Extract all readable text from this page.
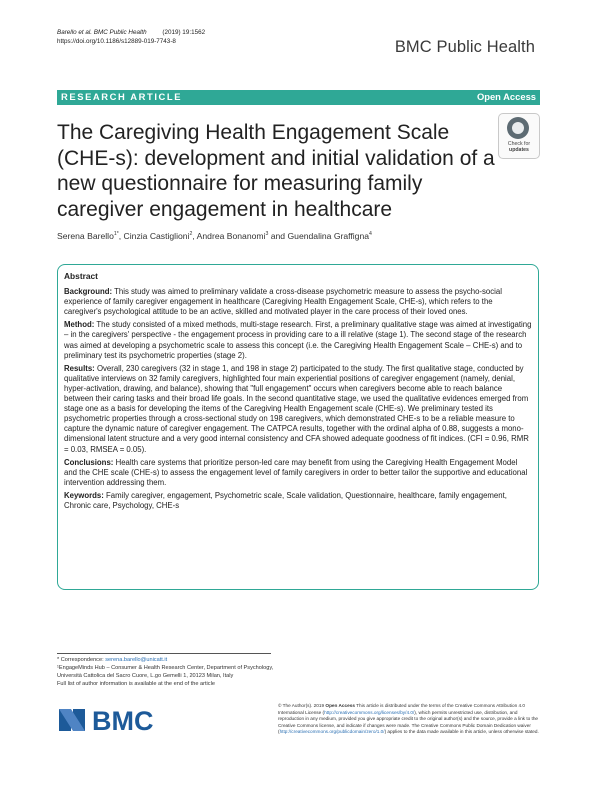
Barello et al. BMC Public Health	(2019) 19:1562
https://doi.org/10.1186/s12889-019-7743-8	BMC Public Health
RESEARCH ARTICLE	Open Access
The Caregiving Health Engagement Scale (CHE-s): development and initial validation of a new questionnaire for measuring family caregiver engagement in healthcare
Check for
updates
Serena Barello$^{1*}$, Cinzia Castiglioni$^2$, Andrea Bonanomi$^3$ and Guendalina Graffigna$^4$
Abstract

Background: This study was aimed to preliminary validate a cross-disease psychometric measure to assess the psycho-social experience of family caregiver engagement in healthcare (Caregiving Health Engagement Scale, CHE-s), which refers to the caregiver's psychological attitude to be an active, skilled and motivated player in the care process of their loved ones.

Method: The study consisted of a mixed methods, multi-stage research. First, a preliminary qualitative stage was aimed at investigating – in the caregivers' perspective - the engagement process in providing care to a ill relative (stage 1). The second stage of the research was aimed at developing a psychometric scale to assess this concept (i.e. the Caregiving Health Engagement Scale – CHE-s) and to preliminary test its psychometric properties (stage 2).

Results: Overall, 230 caregivers (32 in stage 1, and 198 in stage 2) participated to the study. The first qualitative stage, conducted by qualitative interviews on 32 family caregivers, highlighted four main experiential positions of caregiver engagement (namely, denial, hyper-activation, drawing, and balance), showing that "full engagement" occurs when caregivers become able to reach balance between their caring tasks and their broad life goals. In the second quantitative stage, we used the qualitative evidences emerged from stage one as a basis for developing the items of the Caregiving Health Engagement scale (CHE-s). We preliminary tested its psychometric properties through a cross-sectional study on 198 caregivers, which demonstrated CHE-s to be a reliable measure to capture the dynamic nature of caregiver engagement. The CATPCA results, together with the ordinal alpha of 0.88, suggests a mono-dimensional latent structure and a very good internal consistency and CFA showed adequate goodness of fit indices. (CFI = 0.96, RMR = 0.03, RMSEA = 0.05).

Conclusions: Health care systems that prioritize person-led care may benefit from using the Caregiving Health Engagement Model and the CHE scale (CHE-s) to assess the engagement level of family caregivers in order to better tailor the supportive and educational intervention addressing them.

Keywords: Family caregiver, engagement, Psychometric scale, Scale validation, Questionnaire, healthcare, family engagement, Chronic care, Psychology, CHE-s

* Correspondence: serena.barello@unicatt.it
¹EngageMinds Hub – Consumer & Health Research Center, Department of Psychology, Università Cattolica del Sacro Cuore, L.go Gemelli 1, 20123 Milan, Italy
Full list of author information is available at the end of the article
BMC
© The Author(s). 2019 Open Access This article is distributed under the terms of the Creative Commons Attribution 4.0 International License (http://creativecommons.org/licenses/by/4.0/), which permits unrestricted use, distribution, and reproduction in any medium, provided you give appropriate credit to the original author(s) and the source, provide a link to the Creative Commons license, and indicate if changes were made. The Creative Commons Public Domain Dedication waiver (http://creativecommons.org/publicdomain/zero/1.0/) applies to the data made available in this article, unless otherwise stated.
